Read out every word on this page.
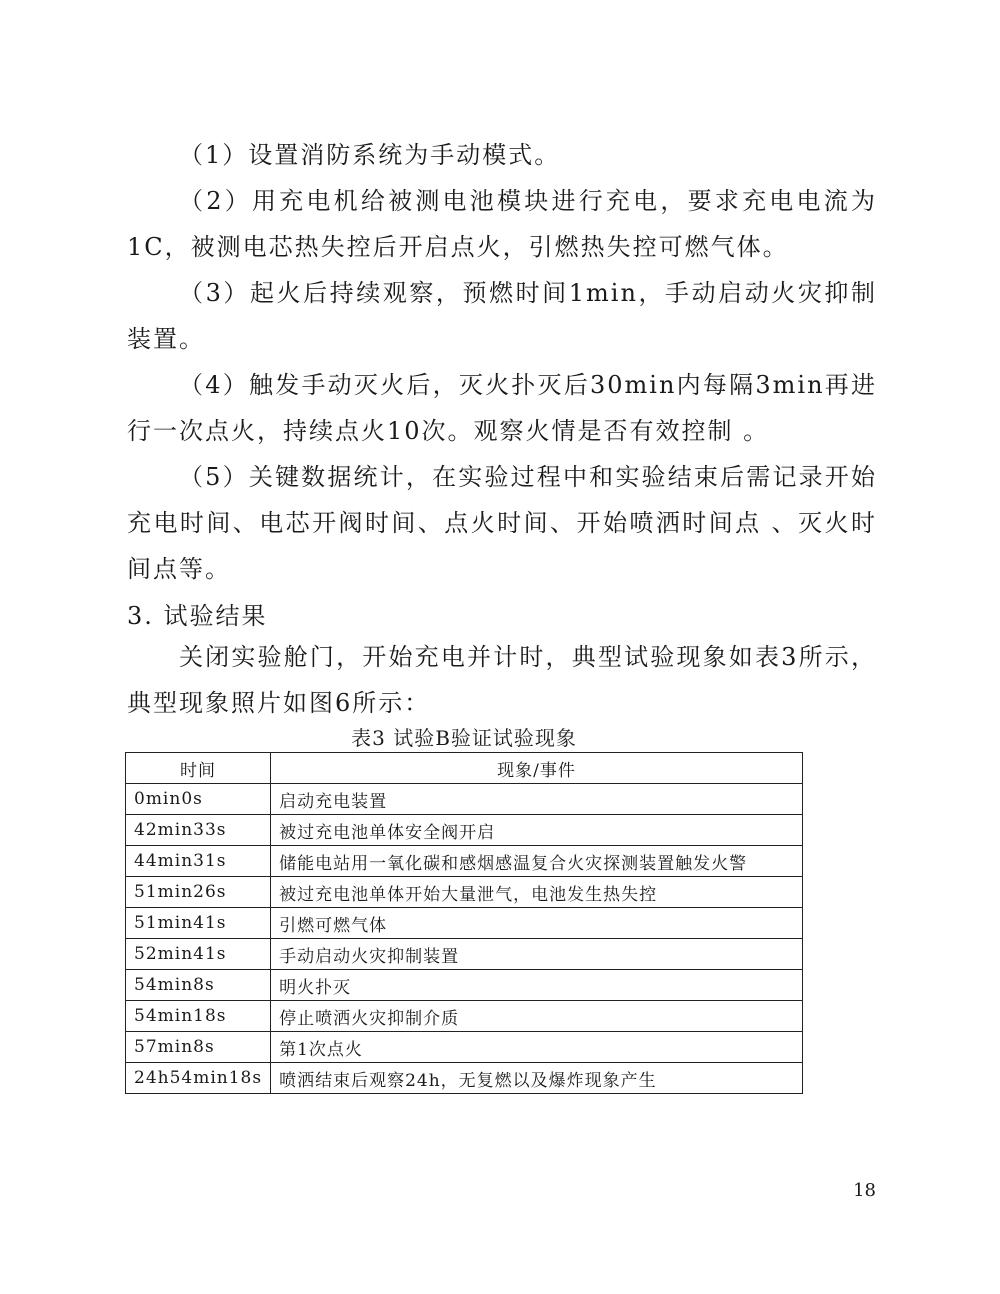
（1）设置消防系统为手动模式。

（2）用充电机给被测电池模块进行充电，要求充电电流为1C，被测电芯热失控后开启点火，引燃热失控可燃气体。

（3）起火后持续观察，预燃时间1min，手动启动火灾抑制装置。

（4）触发手动灭火后，灭火扑灭后30min内每隔3min再进行一次点火，持续点火10次。观察火情是否有效控制 。

（5）关键数据统计，在实验过程中和实验结束后需记录开始充电时间、电芯开阀时间、点火时间、开始喷洒时间点 、灭火时间点等。

3. 试验结果

关闭实验舱门，开始充电并计时，典型试验现象如表3所示，典型现象照片如图6所示：

表3 试验B验证试验现象

时间	现象/事件
0min0s	启动充电装置
42min33s	被过充电池单体安全阀开启
44min31s	储能电站用一氧化碳和感烟感温复合火灾探测装置触发火警
51min26s	被过充电池单体开始大量泄气，电池发生热失控
51min41s	引燃可燃气体
52min41s	手动启动火灾抑制装置
54min8s	明火扑灭
54min18s	停止喷洒火灾抑制介质
57min8s	第1次点火
24h54min18s	喷洒结束后观察24h，无复燃以及爆炸现象产生
18
